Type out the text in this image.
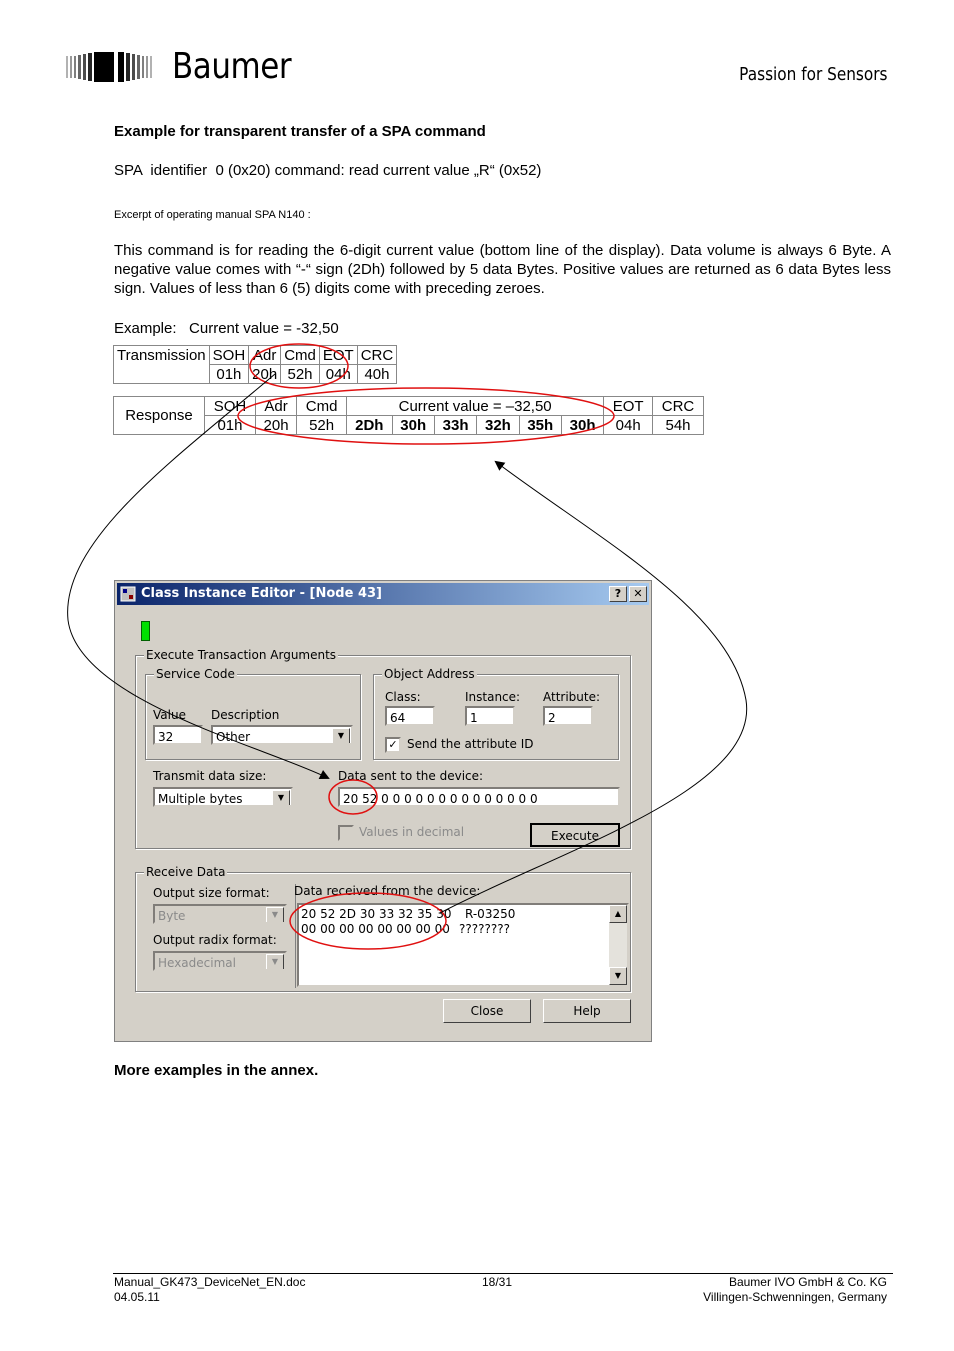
Baumer	Passion for Sensors
Example for transparent transfer of a SPA command
SPA  identifier  0 (0x20) command: read current value „R“ (0x52)
Excerpt of operating manual SPA N140 :
This command is for reading the 6-digit current value (bottom line of the display). Data volume is always 6 Byte. A negative value comes with “-“ sign (2Dh) followed by 5 data Bytes. Positive values are returned as 6 data Bytes less sign. Values of less than 6 (5) digits come with preceding zeroes.
Example:   Current value = -32,50
Transmission	SOH	Adr	Cmd	EOT	CRC
	01h	20h	52h	04h	40h
Response	SOH	Adr	Cmd	Current value = –32,50						EOT	CRC
	01h	20h	52h	2Dh	30h	33h	32h	35h	30h	04h	54h
Class Instance Editor - [Node 43]	?	✕
Execute Transaction Arguments
Service Code
Value
32
Description
Other	▼
Object Address
Class:
64
Instance:
1
Attribute:
2
✓ Send the attribute ID
Transmit data size:
Multiple bytes	▼
Data sent to the device:
20 52 0 0 0 0 0 0 0 0 0 0 0 0 0 0
Values in decimal	Execute
Receive Data
Output size format:
Byte	▼
Output radix format:
Hexadecimal	▼
Data received from the device:
20 52 2D 30 33 32 35 30
00 00 00 00 00 00 00 00
R-03250
????????
▲
▼
Close	Help
More examples in the annex.
Manual_GK473_DeviceNet_EN.doc
04.05.11
18/31	Baumer IVO GmbH & Co. KG
Villingen-Schwenningen, Germany
